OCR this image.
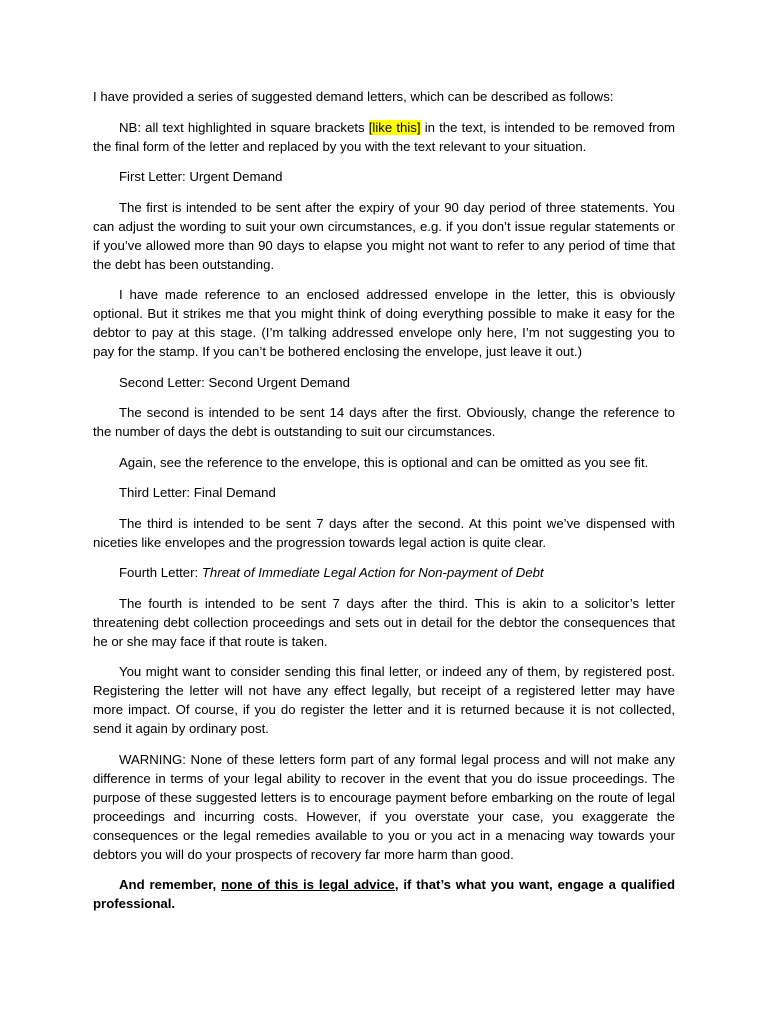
I have provided a series of suggested demand letters, which can be described as follows:

NB: all text highlighted in square brackets [like this] in the text, is intended to be removed from the final form of the letter and replaced by you with the text relevant to your situation.

First Letter: Urgent Demand

The first is intended to be sent after the expiry of your 90 day period of three statements. You can adjust the wording to suit your own circumstances, e.g. if you don’t issue regular statements or if you’ve allowed more than 90 days to elapse you might not want to refer to any period of time that the debt has been outstanding.

I have made reference to an enclosed addressed envelope in the letter, this is obviously optional. But it strikes me that you might think of doing everything possible to make it easy for the debtor to pay at this stage. (I’m talking addressed envelope only here, I’m not suggesting you to pay for the stamp. If you can’t be bothered enclosing the envelope, just leave it out.)

Second Letter: Second Urgent Demand

The second is intended to be sent 14 days after the first. Obviously, change the reference to the number of days the debt is outstanding to suit our circumstances.

Again, see the reference to the envelope, this is optional and can be omitted as you see fit.

Third Letter: Final Demand

The third is intended to be sent 7 days after the second. At this point we’ve dispensed with niceties like envelopes and the progression towards legal action is quite clear.

Fourth Letter: Threat of Immediate Legal Action for Non-payment of Debt

The fourth is intended to be sent 7 days after the third. This is akin to a solicitor’s letter threatening debt collection proceedings and sets out in detail for the debtor the consequences that he or she may face if that route is taken.

You might want to consider sending this final letter, or indeed any of them, by registered post. Registering the letter will not have any effect legally, but receipt of a registered letter may have more impact. Of course, if you do register the letter and it is returned because it is not collected, send it again by ordinary post.

WARNING: None of these letters form part of any formal legal process and will not make any difference in terms of your legal ability to recover in the event that you do issue proceedings. The purpose of these suggested letters is to encourage payment before embarking on the route of legal proceedings and incurring costs. However, if you overstate your case, you exaggerate the consequences or the legal remedies available to you or you act in a menacing way towards your debtors you will do your prospects of recovery far more harm than good.

And remember, none of this is legal advice, if that’s what you want, engage a qualified professional.
